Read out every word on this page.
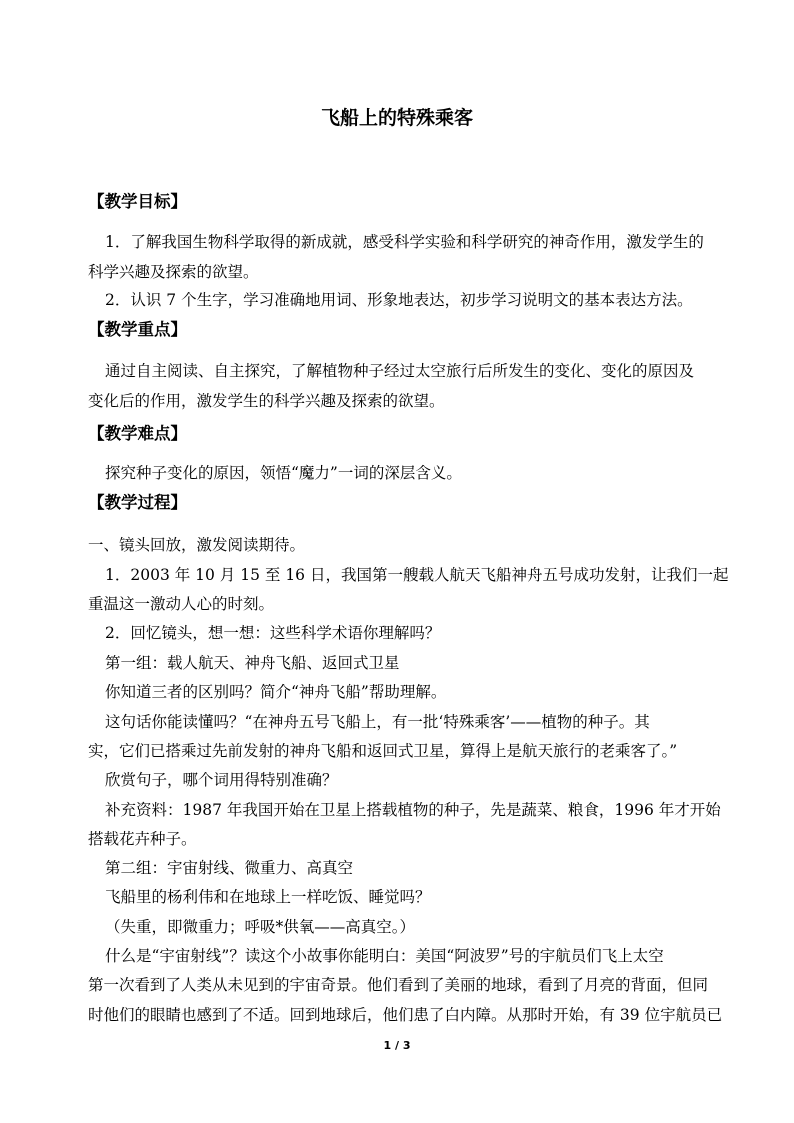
飞船上的特殊乘客
【教学目标】
1．了解我国生物科学取得的新成就，感受科学实验和科学研究的神奇作用，激发学生的
科学兴趣及探索的欲望。
2．认识 7 个生字，学习准确地用词、形象地表达，初步学习说明文的基本表达方法。
【教学重点】
通过自主阅读、自主探究，了解植物种子经过太空旅行后所发生的变化、变化的原因及
变化后的作用，激发学生的科学兴趣及探索的欲望。
【教学难点】
探究种子变化的原因，领悟“魔力”一词的深层含义。
【教学过程】
一、镜头回放，激发阅读期待。
1．2003 年 10 月 15 至 16 日，我国第一艘载人航天飞船神舟五号成功发射，让我们一起
重温这一激动人心的时刻。
2．回忆镜头，想一想：这些科学术语你理解吗？
第一组：载人航天、神舟飞船、返回式卫星
你知道三者的区别吗？简介“神舟飞船”帮助理解。
这句话你能读懂吗？“在神舟五号飞船上，有一批‘特殊乘客’——植物的种子。其
实，它们已搭乘过先前发射的神舟飞船和返回式卫星，算得上是航天旅行的老乘客了。”
欣赏句子，哪个词用得特别准确？
补充资料：1987 年我国开始在卫星上搭载植物的种子，先是蔬菜、粮食，1996 年才开始
搭载花卉种子。
第二组：宇宙射线、微重力、高真空
飞船里的杨利伟和在地球上一样吃饭、睡觉吗？
（失重，即微重力；呼吸*供氧——高真空。）
什么是“宇宙射线”？读这个小故事你能明白：美国“阿波罗”号的宇航员们飞上太空
第一次看到了人类从未见到的宇宙奇景。他们看到了美丽的地球，看到了月亮的背面，但同
时他们的眼睛也感到了不适。回到地球后，他们患了白内障。从那时开始，有 39 位宇航员已
1 / 3
